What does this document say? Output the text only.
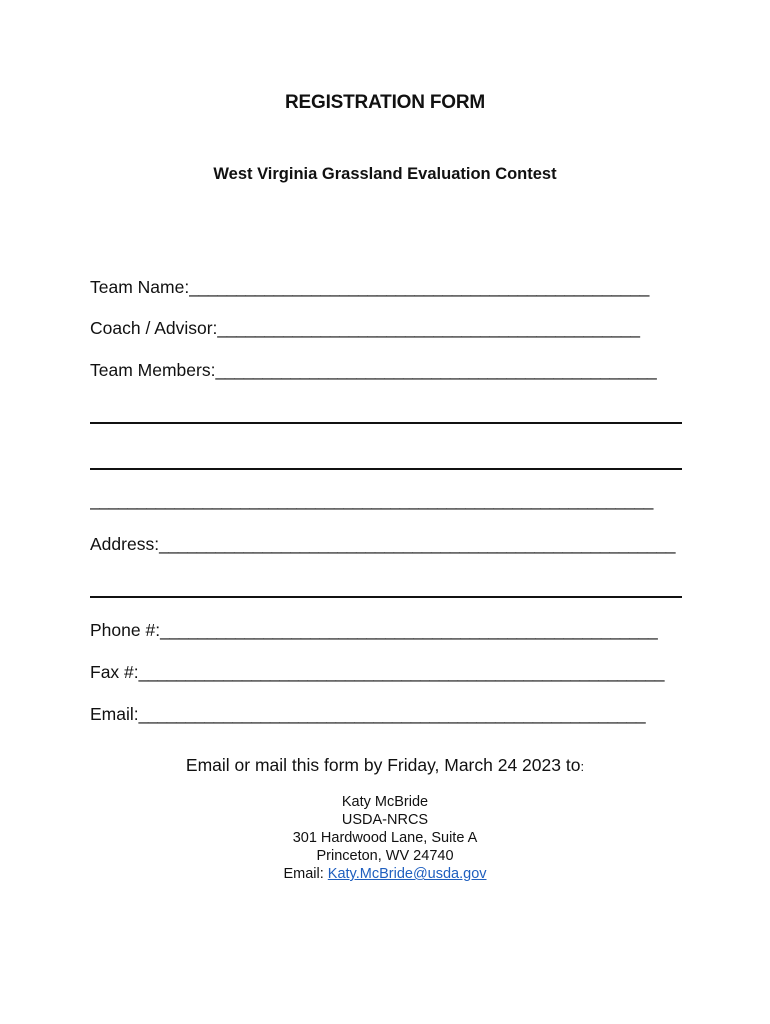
REGISTRATION FORM
West Virginia Grassland Evaluation Contest
Team Name:_________________________________________________
Coach / Advisor:_____________________________________________
Team Members:_______________________________________________
____________________________________________________________
Address:_______________________________________________________
Phone #:_____________________________________________________
Fax #:________________________________________________________
Email:______________________________________________________
Email or mail this form by Friday, March 24 2023 to:
Katy McBride
USDA-NRCS
301 Hardwood Lane, Suite A
Princeton, WV 24740
Email: Katy.McBride@usda.gov
